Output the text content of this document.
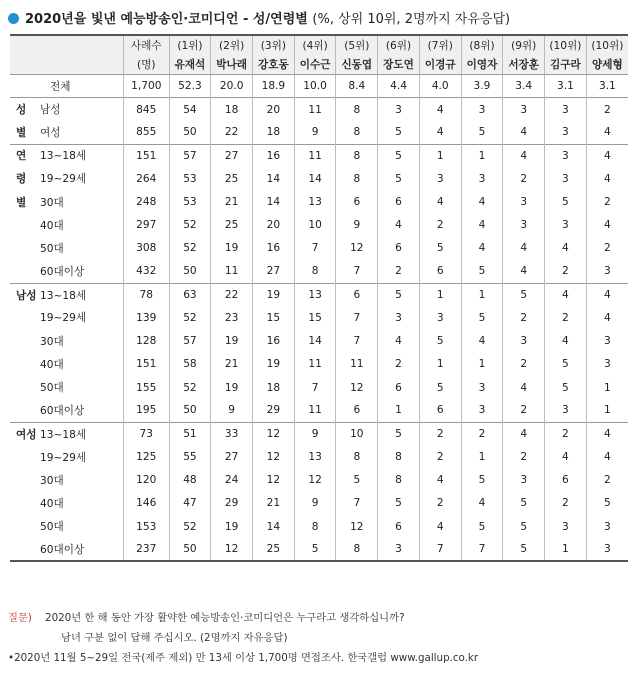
2020년을 빛낸 예능방송인·코미디언 - 성/연령별 (%, 상위 10위, 2명까지 자유응답)
	사례수	(1위)	(2위)	(3위)	(4위)	(5위)	(6위)	(7위)	(8위)	(9위)	(10위)	(10위)
	(명)	유재석	박나래	강호동	이수근	신동엽	장도연	이경규	이영자	서장훈	김구라	양세형
전체	1,700	52.3	20.0	18.9	10.0	8.4	4.4	4.0	3.9	3.4	3.1	3.1
성 남성	845	54	18	20	11	8	3	4	3	3	3	2
별 여성	855	50	22	18	9	8	5	4	5	4	3	4
연 13~18세	151	57	27	16	11	8	5	1	1	4	3	4
령 19~29세	264	53	25	14	14	8	5	3	3	2	3	4
별 30대	248	53	21	14	13	6	6	4	4	3	5	2
40대	297	52	25	20	10	9	4	2	4	3	3	4
50대	308	52	19	16	7	12	6	5	4	4	4	2
60대이상	432	50	11	27	8	7	2	6	5	4	2	3
남성 13~18세	78	63	22	19	13	6	5	1	1	5	4	4
19~29세	139	52	23	15	15	7	3	3	5	2	2	4
30대	128	57	19	16	14	7	4	5	4	3	4	3
40대	151	58	21	19	11	11	2	1	1	2	5	3
50대	155	52	19	18	7	12	6	5	3	4	5	1
60대이상	195	50	9	29	11	6	1	6	3	2	3	1
여성 13~18세	73	51	33	12	9	10	5	2	2	4	2	4
19~29세	125	55	27	12	13	8	8	2	1	2	4	4
30대	120	48	24	12	12	5	8	4	5	3	6	2
40대	146	47	29	21	9	7	5	2	4	5	2	5
50대	153	52	19	14	8	12	6	4	5	5	3	3
60대이상	237	50	12	25	5	8	3	7	7	5	1	3
질문) 2020년 한 해 동안 가장 활약한 예능방송인·코미디언은 누구라고 생각하십니까?
남녀 구분 없이 답해 주십시오. (2명까지 자유응답)
•2020년 11월 5~29일 전국(제주 제외) 만 13세 이상 1,700명 면접조사. 한국갤럽 www.gallup.co.kr
